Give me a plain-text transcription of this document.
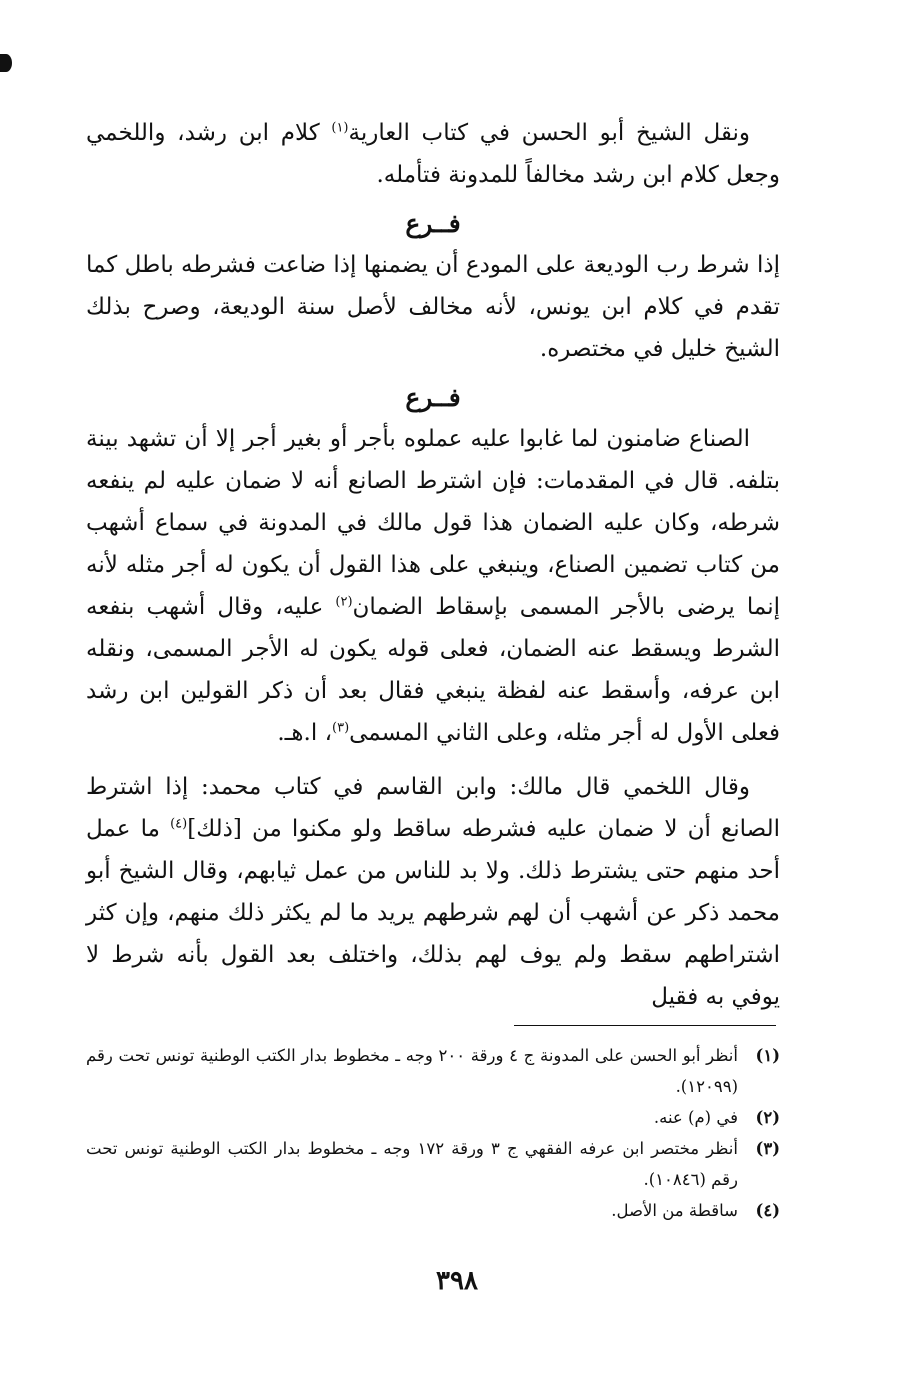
ونقل الشيخ أبو الحسن في كتاب العارية$^{(١)}$ كلام ابن رشد، واللخمي وجعل كلام ابن رشد مخالفاً للمدونة فتأمله.

فــرع

إذا شرط رب الوديعة على المودع أن يضمنها إذا ضاعت فشرطه باطل كما تقدم في كلام ابن يونس، لأنه مخالف لأصل سنة الوديعة، وصرح بذلك الشيخ خليل في مختصره.

فــرع

الصناع ضامنون لما غابوا عليه عملوه بأجر أو بغير أجر إلا أن تشهد بينة بتلفه. قال في المقدمات: فإن اشترط الصانع أنه لا ضمان عليه لم ينفعه شرطه، وكان عليه الضمان هذا قول مالك في المدونة في سماع أشهب من كتاب تضمين الصناع، وينبغي على هذا القول أن يكون له أجر مثله لأنه إنما يرضى بالأجر المسمى بإسقاط الضمان$^{(٢)}$ عليه، وقال أشهب بنفعه الشرط ويسقط عنه الضمان، فعلى قوله يكون له الأجر المسمى، ونقله ابن عرفه، وأسقط عنه لفظة ينبغي فقال بعد أن ذكر القولين ابن رشد فعلى الأول له أجر مثله، وعلى الثاني المسمى$^{(٣)}$، ا.هـ.

وقال اللخمي قال مالك: وابن القاسم في كتاب محمد: إذا اشترط الصانع أن لا ضمان عليه فشرطه ساقط ولو مكنوا من [ذلك]$^{(٤)}$ ما عمل أحد منهم حتى يشترط ذلك. ولا بد للناس من عمل ثيابهم، وقال الشيخ أبو محمد ذكر عن أشهب أن لهم شرطهم يريد ما لم يكثر ذلك منهم، وإن كثر اشتراطهم سقط ولم يوف لهم بذلك، واختلف بعد القول بأنه شرط لا يوفي به فقيل

(١)
أنظر أبو الحسن على المدونة ج ٤ ورقة ٢٠٠ وجه ـ مخطوط بدار الكتب الوطنية تونس تحت رقم (١٢٠٩٩).
(٢)
في (م) عنه.
(٣)
أنظر مختصر ابن عرفه الفقهي ج ٣ ورقة ١٧٢ وجه ـ مخطوط بدار الكتب الوطنية تونس تحت رقم (١٠٨٤٦).
(٤)
ساقطة من الأصل.
٣٩٨
